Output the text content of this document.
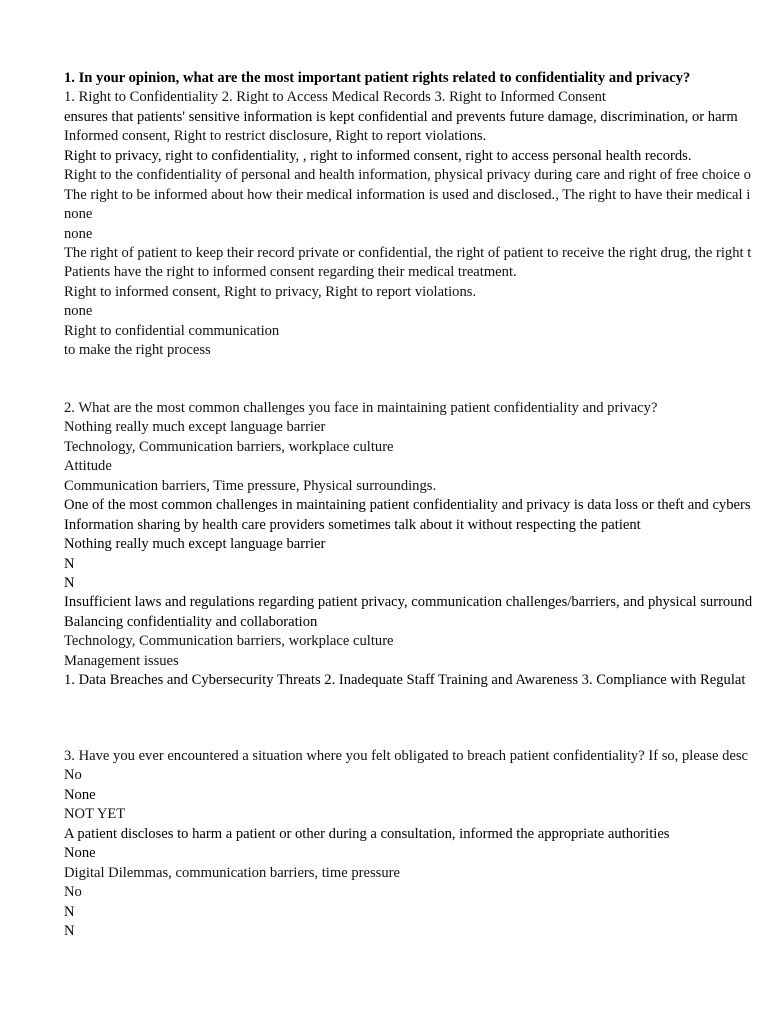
1. In your opinion, what are the most important patient rights related to confidentiality and privacy?
1. Right to Confidentiality 2. Right to Access Medical Records 3. Right to Informed Consent
ensures that patients' sensitive information is kept confidential and prevents future damage, discrimination, or harm
Informed consent, Right to restrict disclosure, Right to report violations.
Right to privacy, right to confidentiality, , right to informed consent, right to access personal health records.
Right to the confidentiality of personal and health information, physical privacy during care and right of free choice o
The right to be informed about how their medical information is used and disclosed., The right to have their medical i
none
none
The right of patient to keep their record private or confidential, the right of patient to receive the right drug, the right t
Patients have the right to informed consent regarding their medical treatment.
Right to informed consent, Right to privacy, Right to report violations.
none
Right to confidential communication
to make the right process
2. What are the most common challenges you face in maintaining patient confidentiality and privacy?
Nothing really much except language barrier
Technology, Communication barriers, workplace culture
Attitude
Communication barriers, Time pressure, Physical surroundings.
One of the most common challenges in maintaining patient confidentiality and privacy is data loss or theft and cybers
Information sharing by health care providers sometimes talk about it without respecting the patient
Nothing really much except language barrier
N
N
Insufficient laws and regulations regarding patient privacy, communication challenges/barriers, and physical surround
Balancing confidentiality and collaboration
Technology, Communication barriers, workplace culture
Management issues
1. Data Breaches and Cybersecurity Threats 2. Inadequate Staff Training and Awareness 3. Compliance with Regulat
3. Have you ever encountered a situation where you felt obligated to breach patient confidentiality? If so, please desc
No
None
NOT YET
A patient discloses to harm a patient or other during a consultation, informed the appropriate authorities
None
Digital Dilemmas, communication barriers, time pressure
No
N
N
